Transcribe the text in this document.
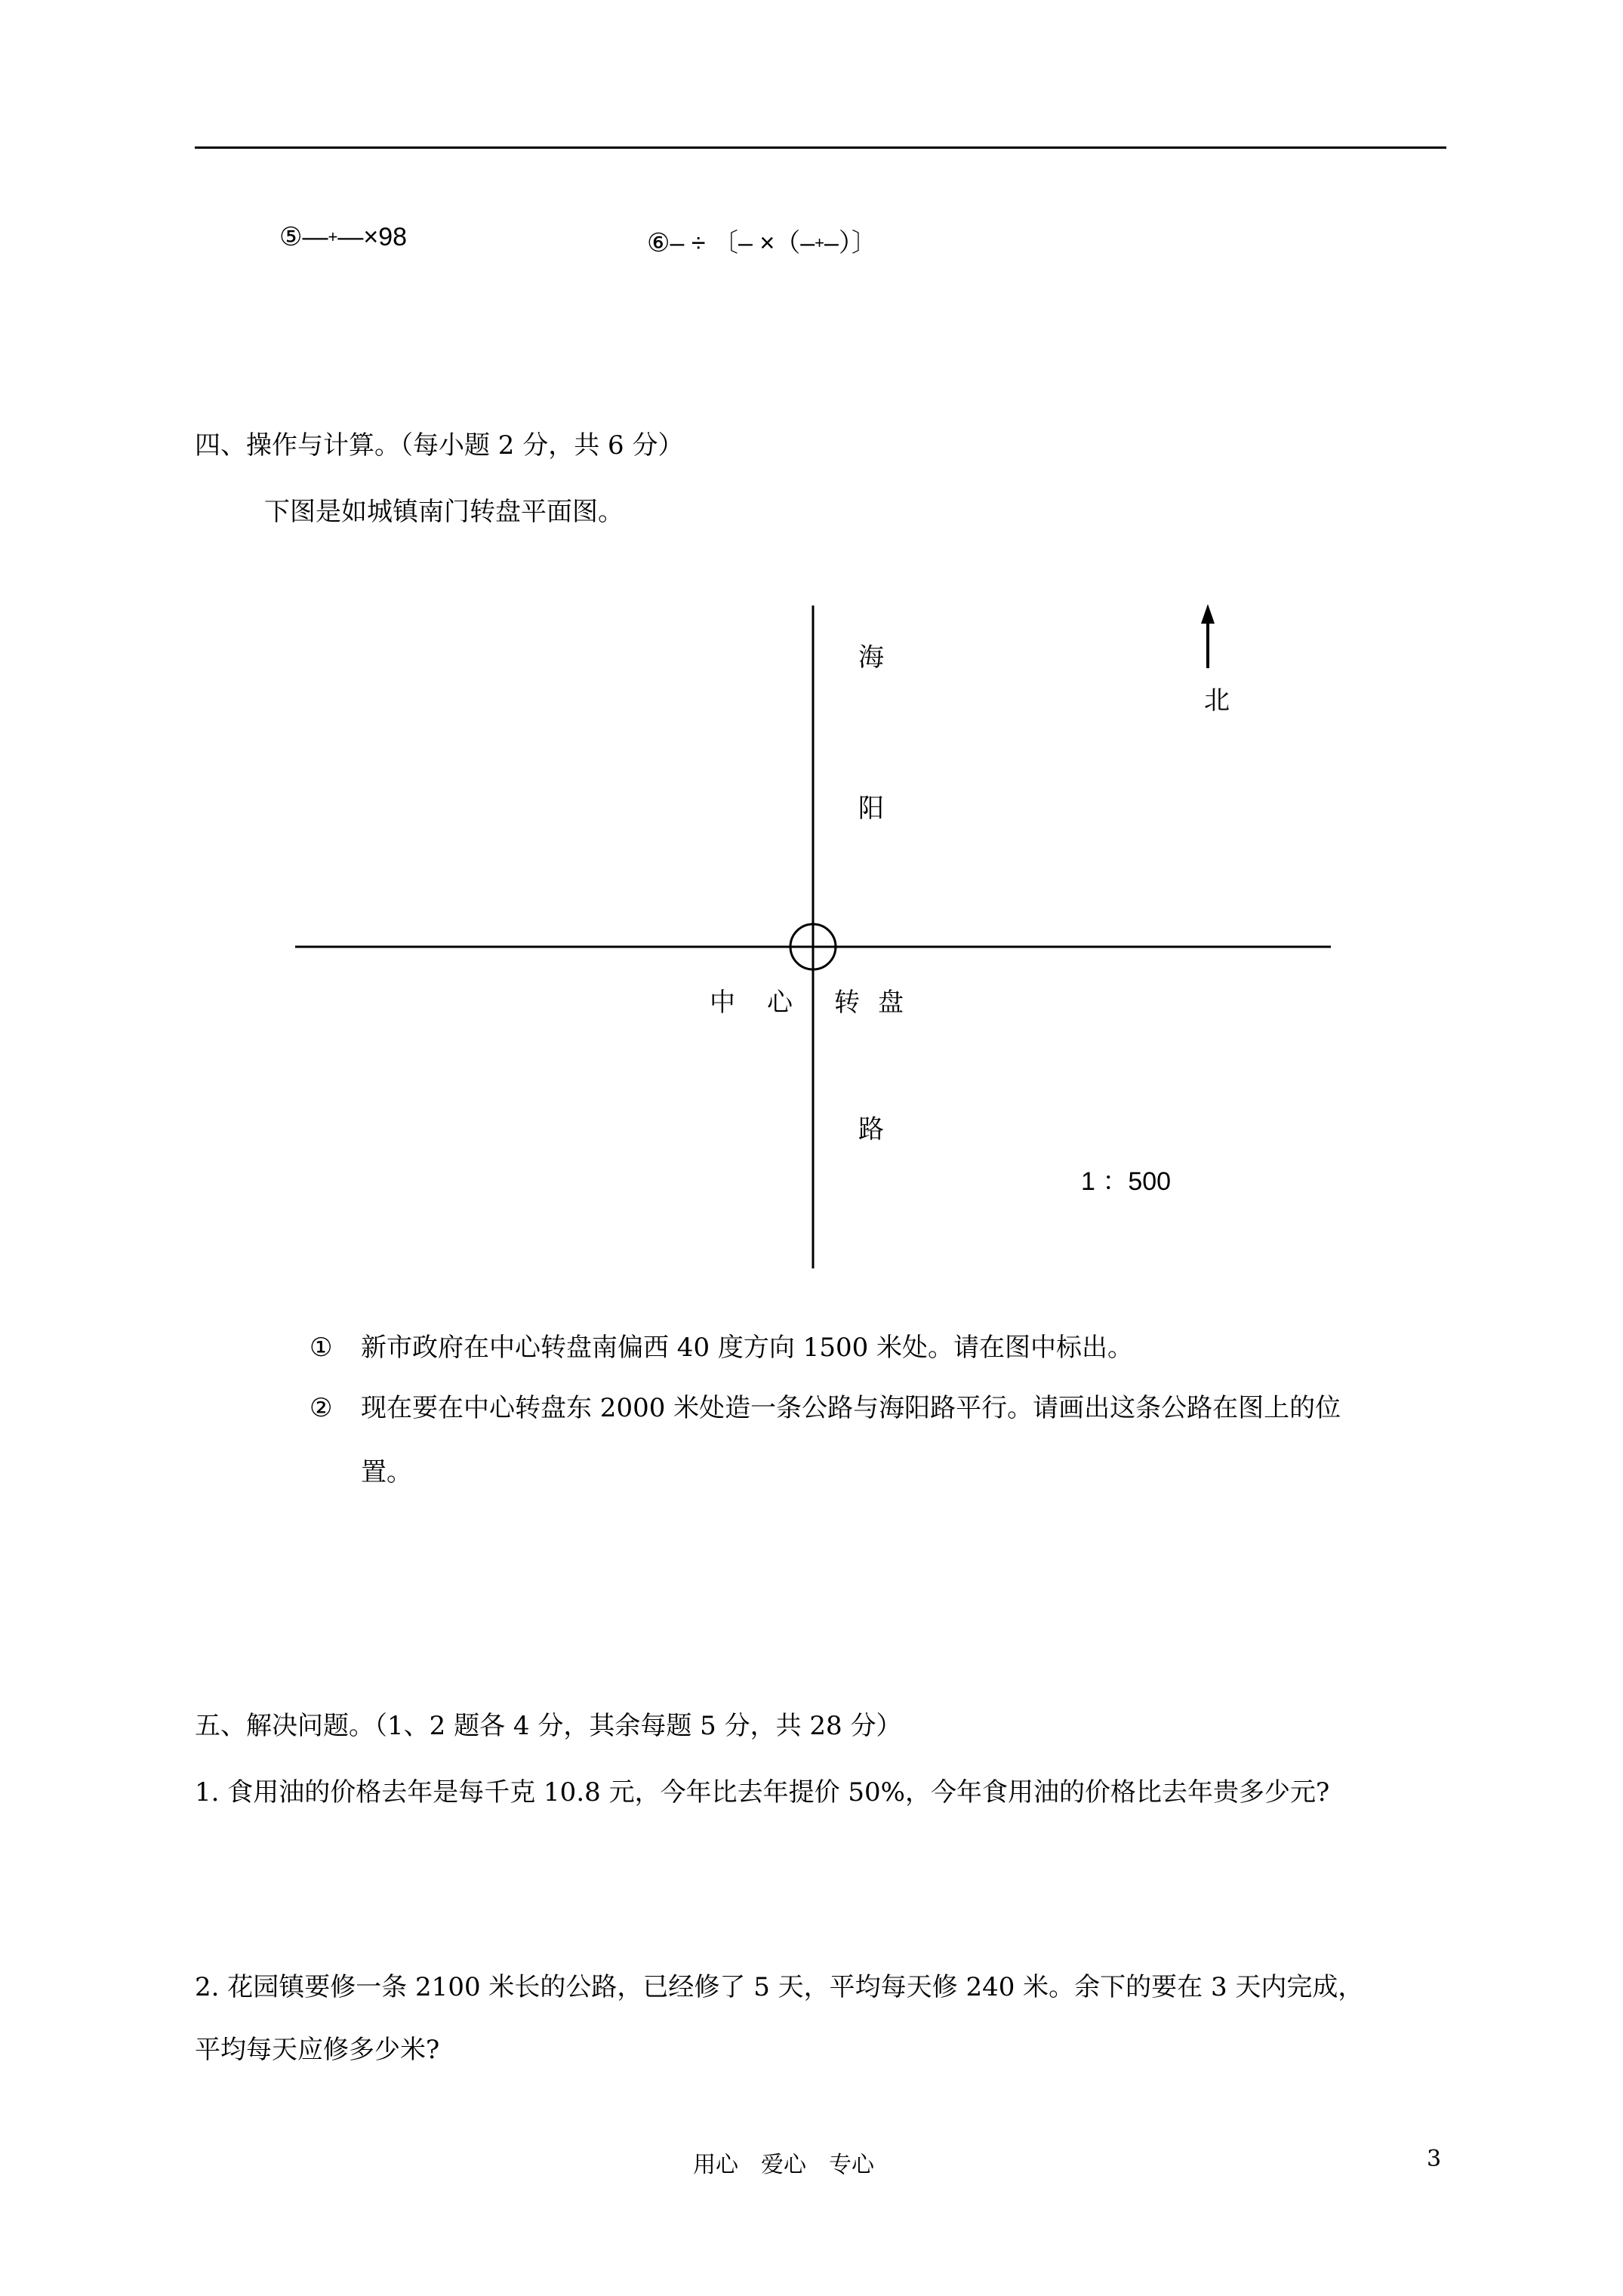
⑤—+—×98	⑥– ÷ 〔– ×（–+–）〕
四、操作与计算。（每小题 2 分，共 6 分）
下图是如城镇南门转盘平面图。
海
阳
路
中 心 转 盘
北
1 ：500
① 新市政府在中心转盘南偏西 40 度方向 1500 米处。请在图中标出。
② 现在要在中心转盘东 2000 米处造一条公路与海阳路平行。请画出这条公路在图上的位
置。
五、解决问题。（1、2 题各 4 分，其余每题 5 分，共 28 分）
1. 食用油的价格去年是每千克 10.8 元，今年比去年提价 50%，今年食用油的价格比去年贵多少元?
2. 花园镇要修一条 2100 米长的公路，已经修了 5 天，平均每天修 240 米。余下的要在 3 天内完成，
平均每天应修多少米?
用心　爱心　专心	3
